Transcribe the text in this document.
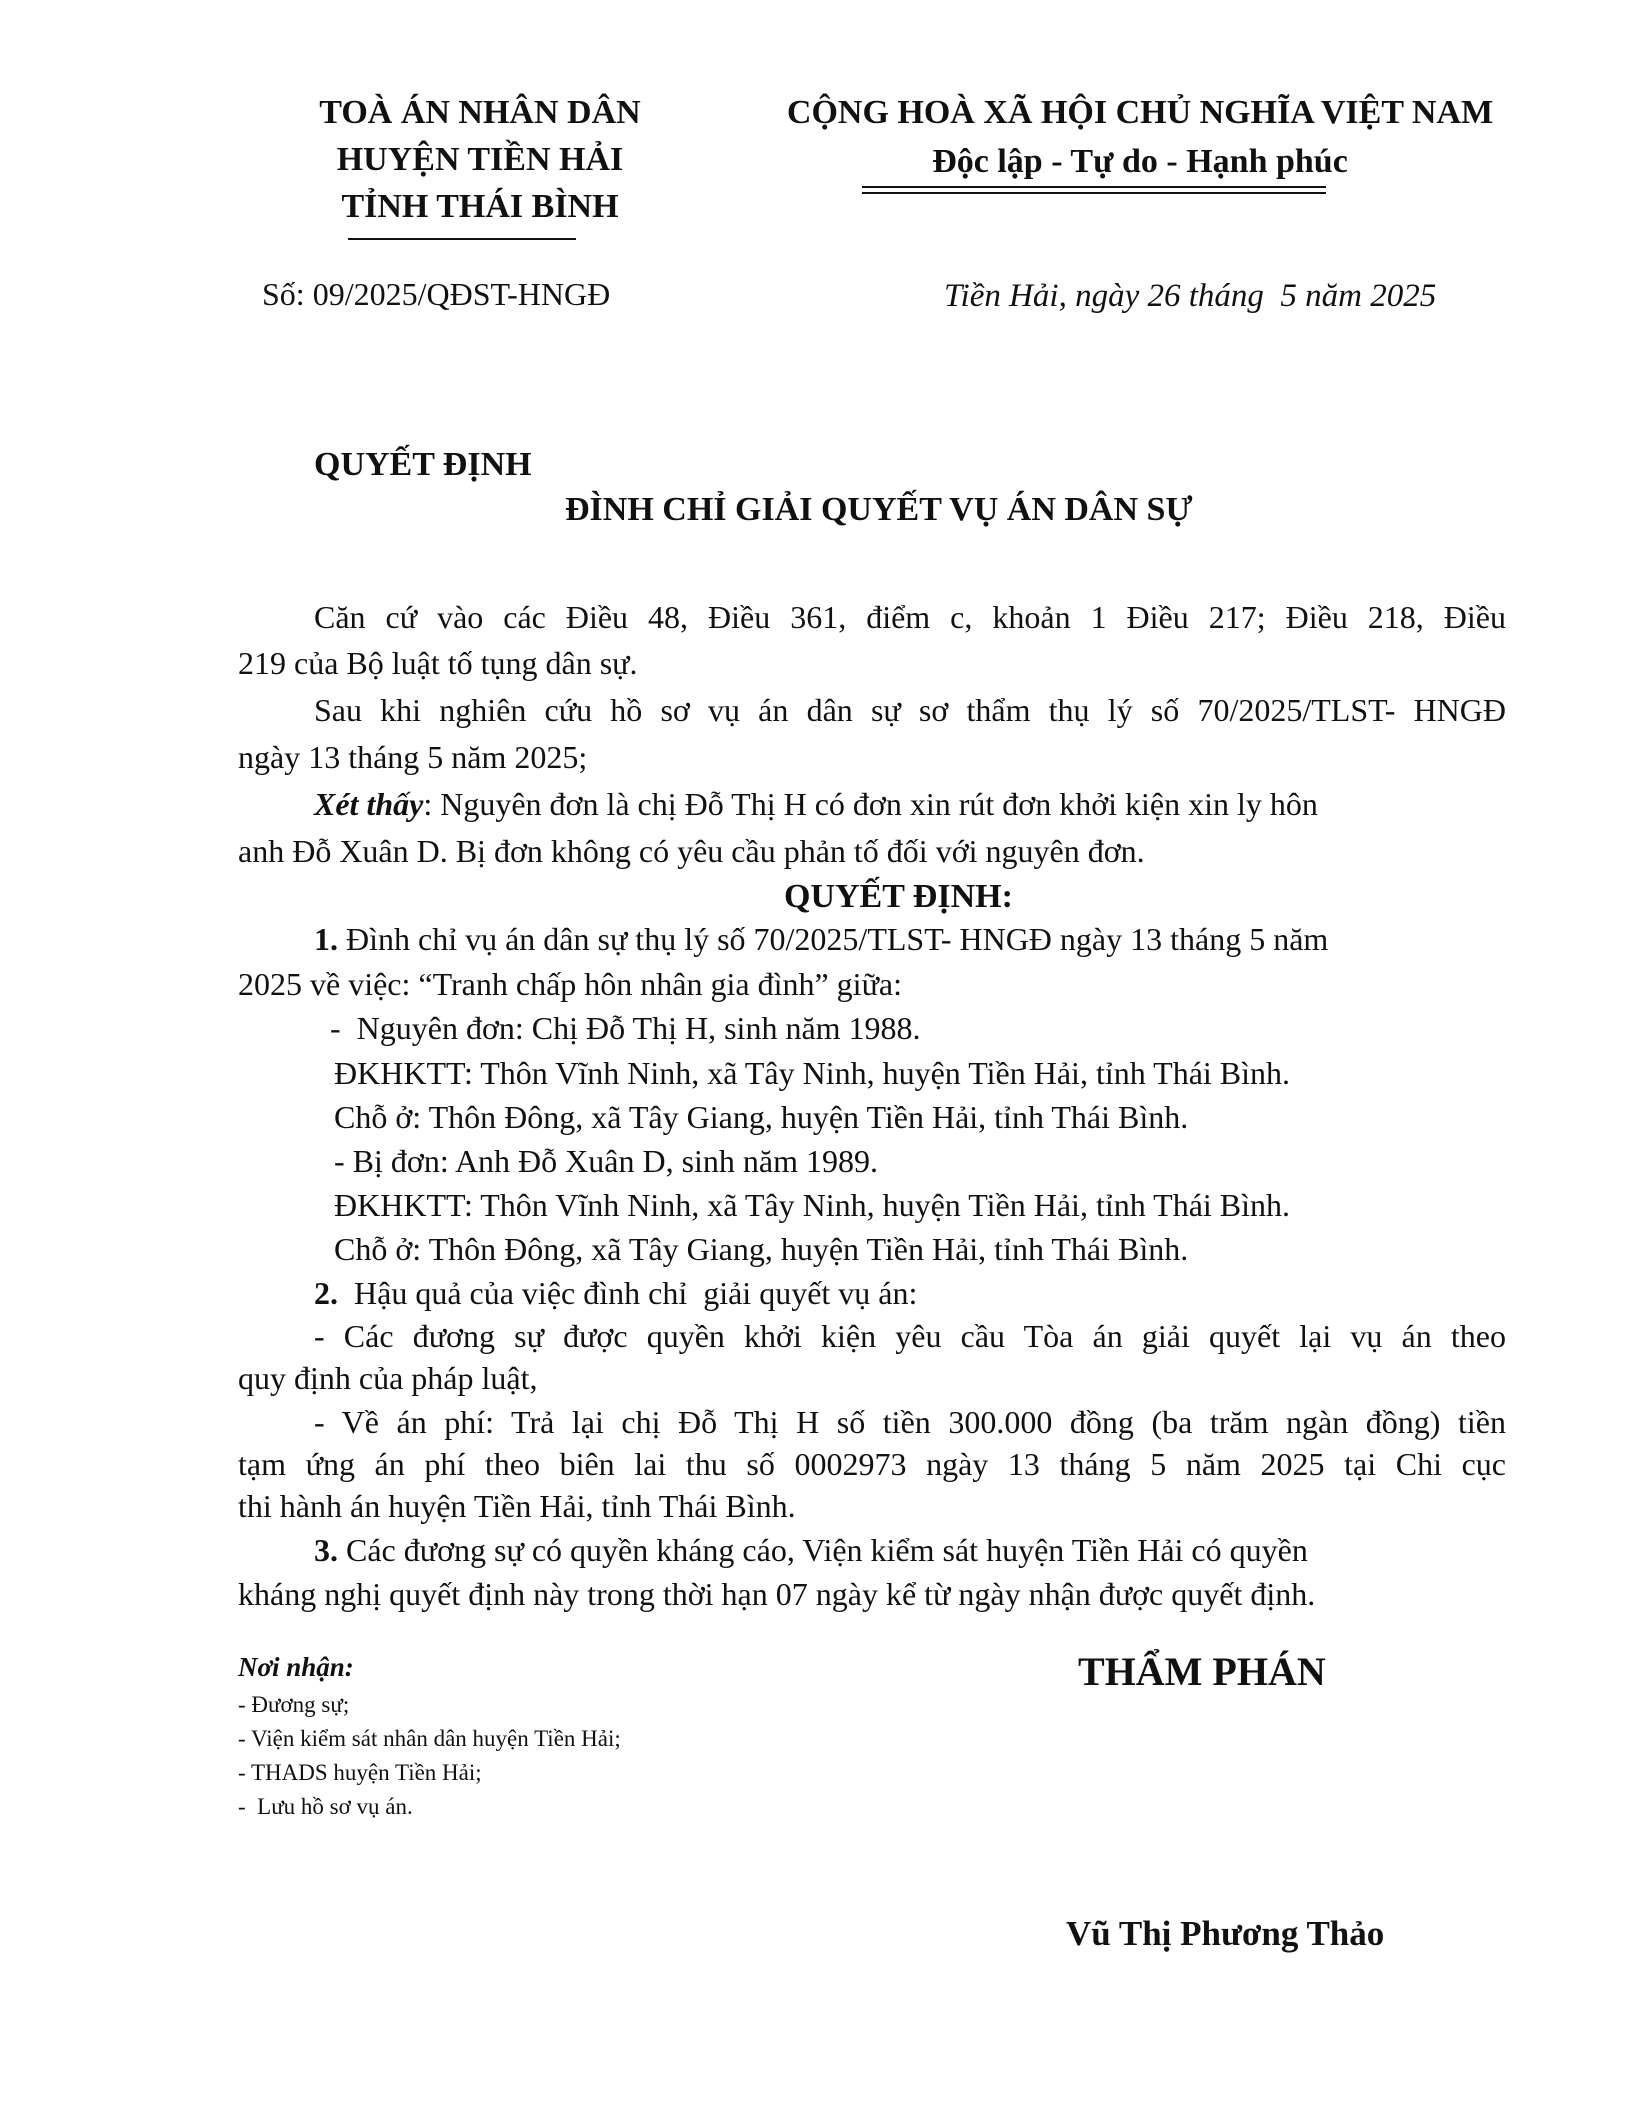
TOÀ ÁN NHÂN DÂN
HUYỆN TIỀN HẢI
TỈNH THÁI BÌNH
CỘNG HOÀ XÃ HỘI CHỦ NGHĨA VIỆT NAM
Độc lập - Tự do - Hạnh phúc
Số: 09/2025/QĐST-HNGĐ	Tiền Hải, ngày 26 tháng  5 năm 2025
QUYẾT ĐỊNH
ĐÌNH CHỈ GIẢI QUYẾT VỤ ÁN DÂN SỰ
Căn cứ vào các Điều 48, Điều 361, điểm c, khoản 1 Điều 217; Điều 218, Điều
219 của Bộ luật tố tụng dân sự.
Sau khi nghiên cứu hồ sơ vụ án dân sự sơ thẩm thụ lý số 70/2025/TLST- HNGĐ
ngày 13 tháng 5 năm 2025;
Xét thấy: Nguyên đơn là chị Đỗ Thị H có đơn xin rút đơn khởi kiện xin ly hôn
anh Đỗ Xuân D. Bị đơn không có yêu cầu phản tố đối với nguyên đơn.
QUYẾT ĐỊNH:
1. Đình chỉ vụ án dân sự thụ lý số 70/2025/TLST- HNGĐ ngày 13 tháng 5 năm
2025 về việc: “Tranh chấp hôn nhân gia đình” giữa:
-  Nguyên đơn: Chị Đỗ Thị H, sinh năm 1988.
ĐKHKTT: Thôn Vĩnh Ninh, xã Tây Ninh, huyện Tiền Hải, tỉnh Thái Bình.
Chỗ ở: Thôn Đông, xã Tây Giang, huyện Tiền Hải, tỉnh Thái Bình.
- Bị đơn: Anh Đỗ Xuân D, sinh năm 1989.
ĐKHKTT: Thôn Vĩnh Ninh, xã Tây Ninh, huyện Tiền Hải, tỉnh Thái Bình.
Chỗ ở: Thôn Đông, xã Tây Giang, huyện Tiền Hải, tỉnh Thái Bình.
2.  Hậu quả của việc đình chỉ  giải quyết vụ án:
- Các đương sự được quyền khởi kiện yêu cầu Tòa án giải quyết lại vụ án theo
quy định của pháp luật,
- Về án phí: Trả lại chị Đỗ Thị H số tiền 300.000 đồng (ba trăm ngàn đồng) tiền
tạm ứng án phí theo biên lai thu số 0002973 ngày 13 tháng 5 năm 2025 tại Chi cục
thi hành án huyện Tiền Hải, tỉnh Thái Bình.
3. Các đương sự có quyền kháng cáo, Viện kiểm sát huyện Tiền Hải có quyền
kháng nghị quyết định này trong thời hạn 07 ngày kể từ ngày nhận được quyết định.
Nơi nhận:
- Đương sự;
- Viện kiểm sát nhân dân huyện Tiền Hải;
- THADS huyện Tiền Hải;
-  Lưu hồ sơ vụ án.
THẨM PHÁN
Vũ Thị Phương Thảo
